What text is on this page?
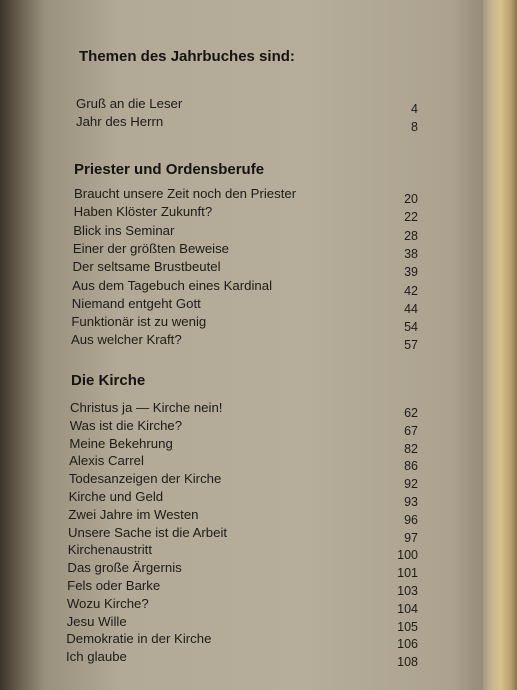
Themen des Jahrbuches sind:
Gruß an die Leser	4
Jahr des Herrn	8
Priester und Ordensberufe
Braucht unsere Zeit noch den Priester	20
Haben Klöster Zukunft?	22
Blick ins Seminar	28
Einer der größten Beweise	38
Der seltsame Brustbeutel	39
Aus dem Tagebuch eines Kardinal	42
Niemand entgeht Gott	44
Funktionär ist zu wenig	54
Aus welcher Kraft?	57
Die Kirche
Christus ja — Kirche nein!	62
Was ist die Kirche?	67
Meine Bekehrung	82
Alexis Carrel	86
Todesanzeigen der Kirche	92
Kirche und Geld	93
Zwei Jahre im Westen	96
Unsere Sache ist die Arbeit	97
Kirchenaustritt	100
Das große Ärgernis	101
Fels oder Barke	103
Wozu Kirche?	104
Jesu Wille	105
Demokratie in der Kirche	106
Ich glaube	108
